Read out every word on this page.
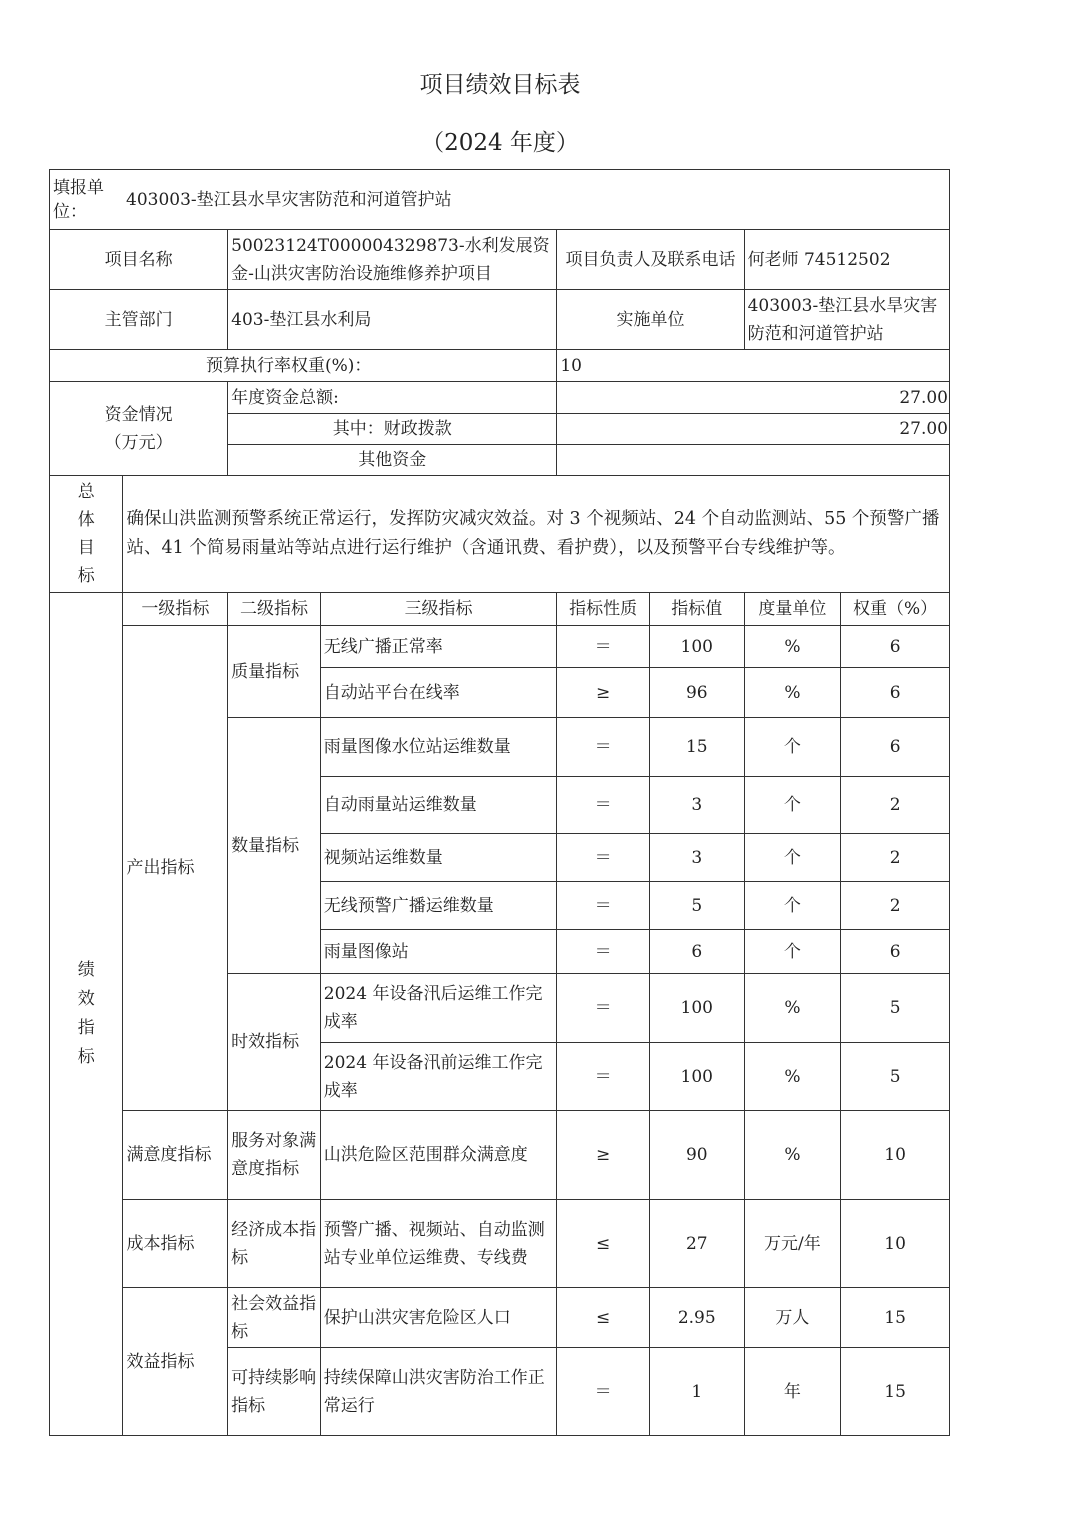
项目绩效目标表
（2024 年度）
填报单位：
403003-垫江县水旱灾害防范和河道管护站							

项目名称		50023124T000004329873-水利发展资金-山洪灾害防治设施维修养护项目		项目负责人及联系电话		何老师 74512502	
主管部门		403-垫江县水利局		实施单位		403003-垫江县水旱灾害防范和河道管护站	
预算执行率权重(%)：				10			

资金情况（万元）		年度资金总额:		27.00			
		其中：财政拨款		27.00			
		其他资金					

总体目标	确保山洪监测预警系统正常运行，发挥防灾减灾效益。对 3 个视频站、24 个自动监测站、55 个预警广播站、41 个简易雨量站等站点进行运行维护（含通讯费、看护费），以及预警平台专线维护等。						

绩效指标	一级指标	二级指标	三级指标	指标性质	指标值	度量单位	权重（%）
	产出指标	质量指标	无线广播正常率	＝	100	%	6
			自动站平台在线率	≥	96	%	6
		数量指标	雨量图像水位站运维数量	＝	15	个	6
			自动雨量站运维数量	＝	3	个	2
			视频站运维数量	＝	3	个	2
			无线预警广播运维数量	＝	5	个	2
			雨量图像站	＝	6	个	6
		时效指标	2024 年设备汛后运维工作完成率	＝	100	%	5
			2024 年设备汛前运维工作完成率	＝	100	%	5
	满意度指标	服务对象满意度指标	山洪危险区范围群众满意度	≥	90	%	10
	成本指标	经济成本指标	预警广播、视频站、自动监测站专业单位运维费、专线费	≤	27	万元/年	10
	效益指标	社会效益指标	保护山洪灾害危险区人口	≤	2.95	万人	15
		可持续影响指标	持续保障山洪灾害防治工作正常运行	＝	1	年	15
